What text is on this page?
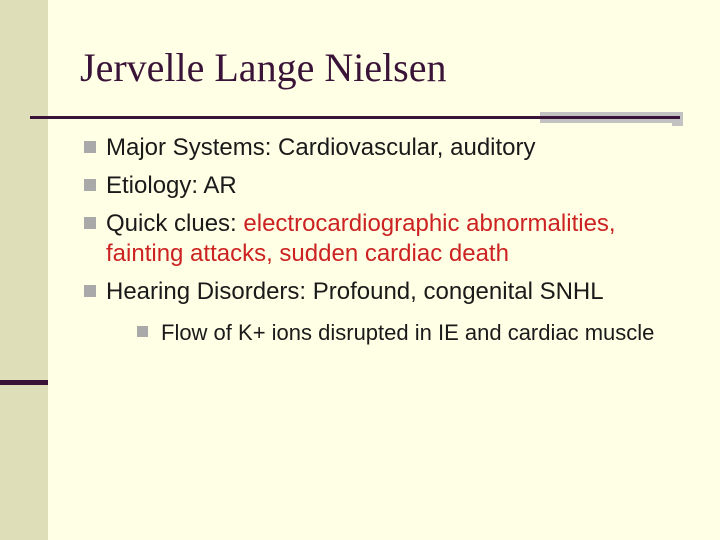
Jervelle Lange Nielsen
Major Systems: Cardiovascular, auditory
Etiology: AR
Quick clues: electrocardiographic abnormalities, fainting attacks, sudden cardiac death
Hearing Disorders: Profound, congenital SNHL
Flow of K+ ions disrupted in IE and cardiac muscle
